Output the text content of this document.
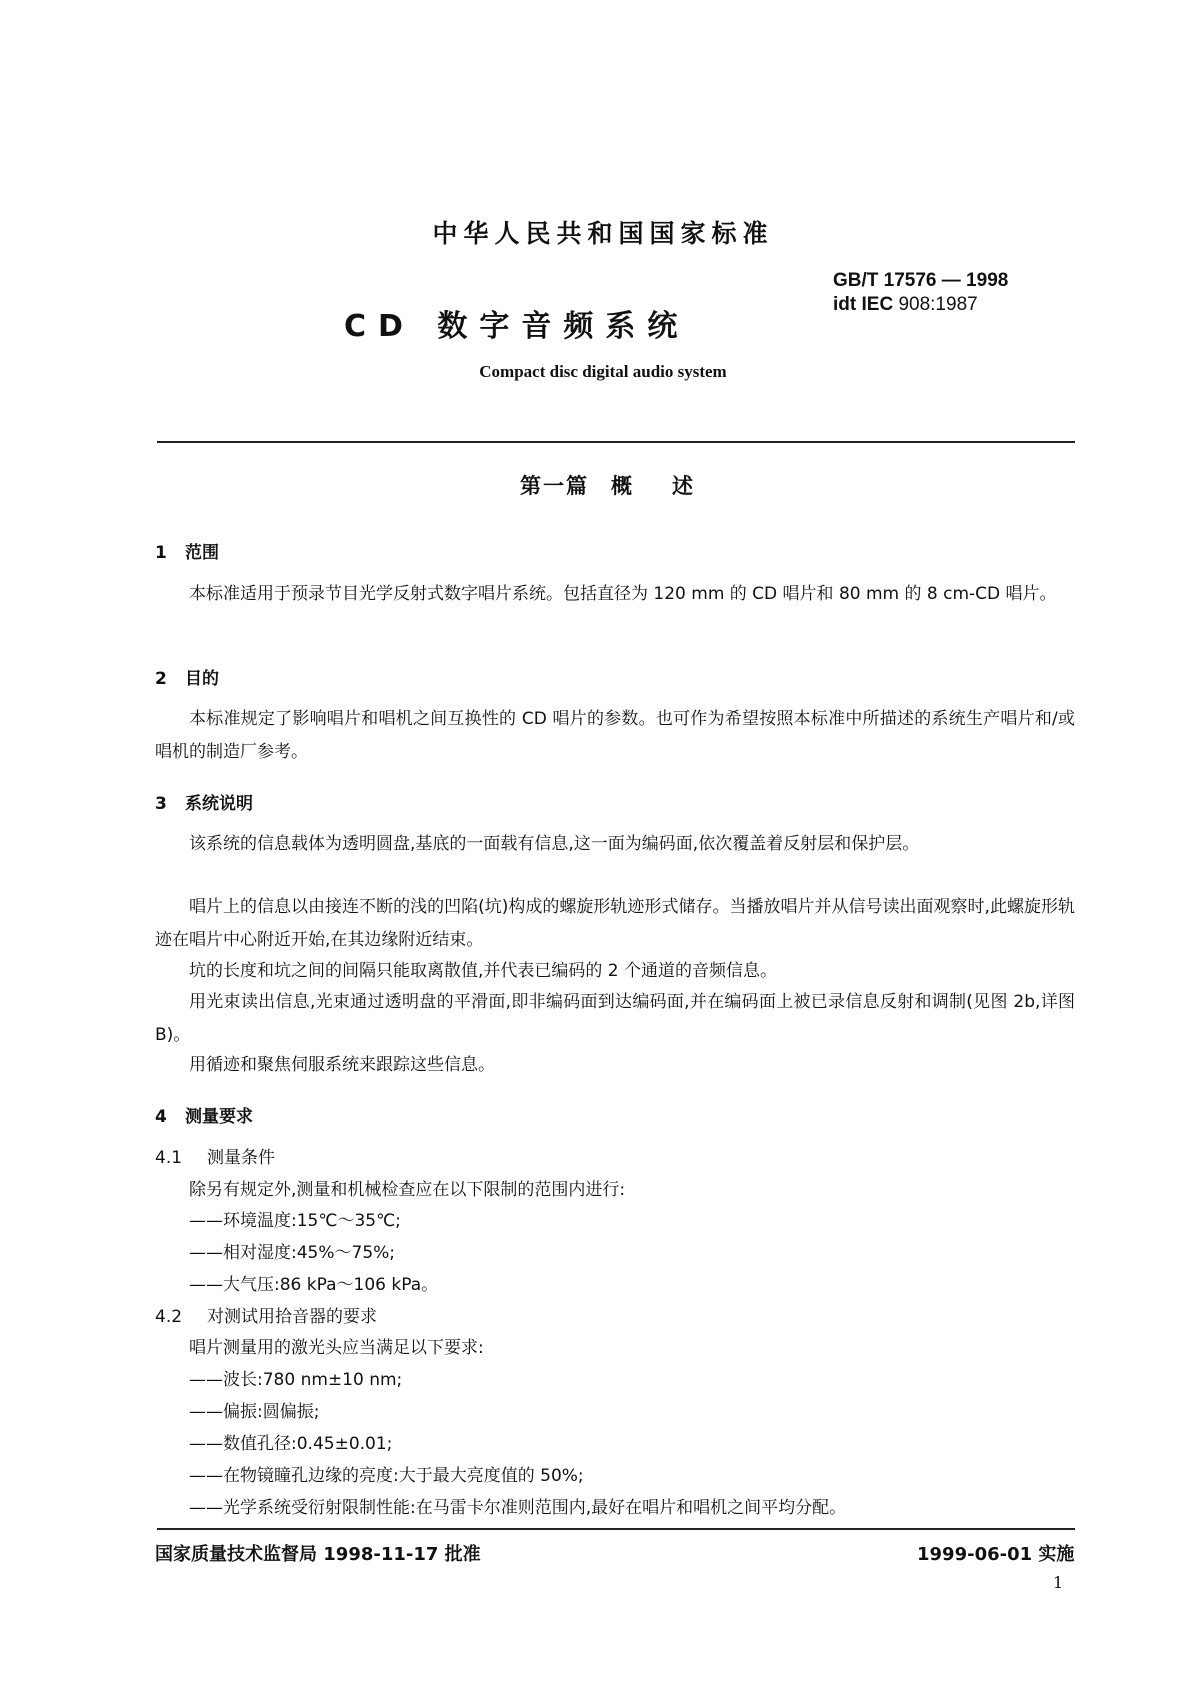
中华人民共和国国家标准
GB/T 17576 — 1998
idt IEC 908:1987
CD 数字音频系统
Compact disc digital audio system
第一篇 概 述
1 范围
本标准适用于预录节目光学反射式数字唱片系统。包括直径为 120 mm 的 CD 唱片和 80 mm 的 8 cm-CD 唱片。
2 目的
本标准规定了影响唱片和唱机之间互换性的 CD 唱片的参数。也可作为希望按照本标准中所描述的系统生产唱片和/或唱机的制造厂参考。
3 系统说明
该系统的信息载体为透明圆盘,基底的一面载有信息,这一面为编码面,依次覆盖着反射层和保护层。
唱片上的信息以由接连不断的浅的凹陷(坑)构成的螺旋形轨迹形式储存。当播放唱片并从信号读出面观察时,此螺旋形轨迹在唱片中心附近开始,在其边缘附近结束。
坑的长度和坑之间的间隔只能取离散值,并代表已编码的 2 个通道的音频信息。
用光束读出信息,光束通过透明盘的平滑面,即非编码面到达编码面,并在编码面上被已录信息反射和调制(见图 2b,详图 B)。
用循迹和聚焦伺服系统来跟踪这些信息。
4 测量要求
4.1 测量条件
除另有规定外,测量和机械检查应在以下限制的范围内进行:
——环境温度:15℃～35℃;
——相对湿度:45%～75%;
——大气压:86 kPa～106 kPa。
4.2 对测试用拾音器的要求
唱片测量用的激光头应当满足以下要求:
——波长:780 nm±10 nm;
——偏振:圆偏振;
——数值孔径:0.45±0.01;
——在物镜瞳孔边缘的亮度:大于最大亮度值的 50%;
——光学系统受衍射限制性能:在马雷卡尔准则范围内,最好在唱片和唱机之间平均分配。
国家质量技术监督局 1998-11-17 批准	1999-06-01 实施
1
